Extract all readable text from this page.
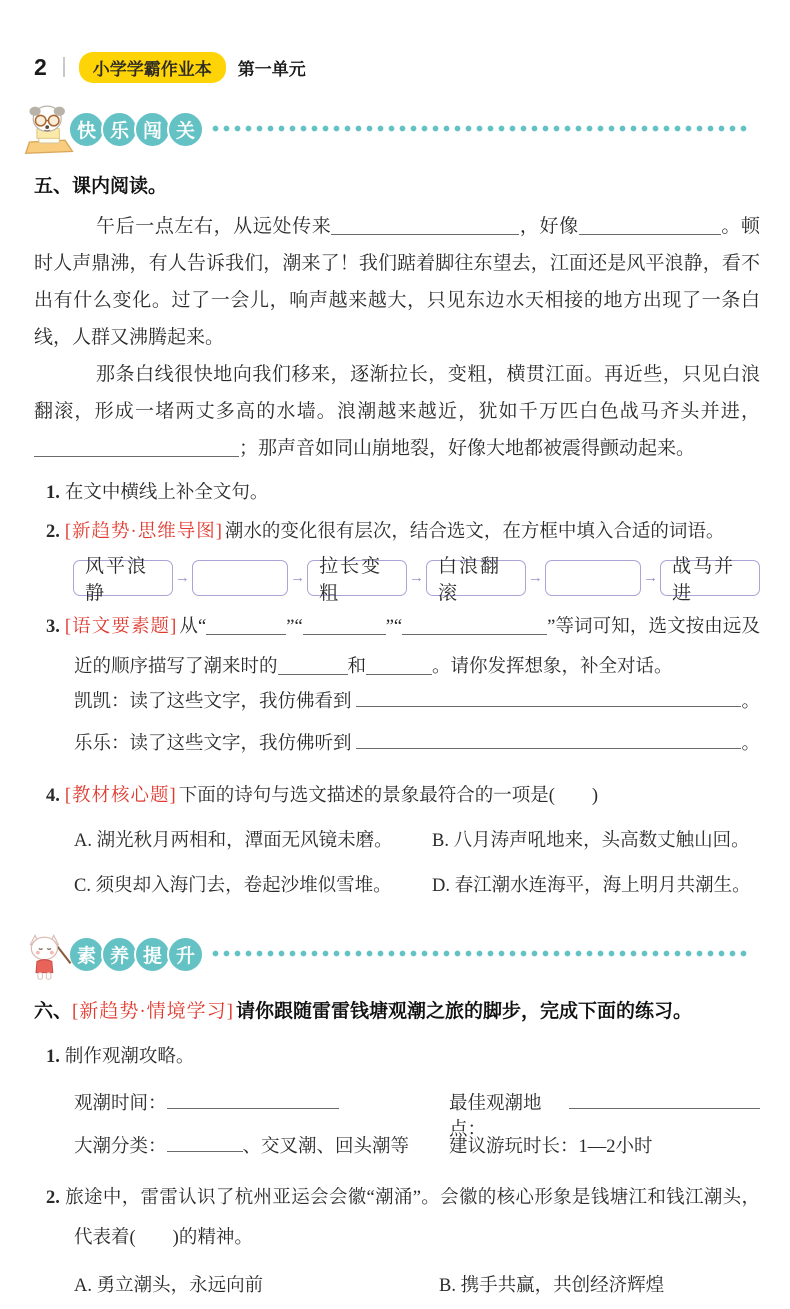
2	小学学霸作业本	第一单元
快 乐 闯 关
五、课内阅读。

午后一点左右，从远处传来	，好像	。顿时人声鼎沸，有人告诉我们，潮来了！我们踮着脚往东望去，江面还是风平浪静，看不出有什么变化。过了一会儿，响声越来越大，只见东边水天相接的地方出现了一条白线，人群又沸腾起来。

那条白线很快地向我们移来，逐渐拉长，变粗，横贯江面。再近些，只见白浪翻滚，形成一堵两丈多高的水墙。浪潮越来越近，犹如千万匹白色战马齐头并进，；那声音如同山崩地裂，好像大地都被震得颤动起来。

1. 在文中横线上补全文句。
2. [新趋势·思维导图] 潮水的变化很有层次，结合选文，在方框中填入合适的词语。
风平浪静
→	→
拉长变粗
→
白浪翻滚
→	→
战马并进
3. [语文要素题] 从“	”“	”“	”等词可知，选文按由远及近的顺序描写了潮来时的	和	。请你发挥想象，补全对话。
凯凯：读了这些文字，我仿佛看到	。
乐乐：读了这些文字，我仿佛听到	。
4. [教材核心题] 下面的诗句与选文描述的景象最符合的一项是(　　)
A. 湖光秋月两相和，潭面无风镜未磨。	B. 八月涛声吼地来，头高数丈触山回。
C. 须臾却入海门去，卷起沙堆似雪堆。	D. 春江潮水连海平，海上明月共潮生。
素 养 提 升
六、[新趋势·情境学习] 请你跟随雷雷钱塘观潮之旅的脚步，完成下面的练习。
1. 制作观潮攻略。
观潮时间：	最佳观潮地点：
大潮分类：	、交叉潮、回头潮等 建议游玩时长：1—2小时
2. 旅途中，雷雷认识了杭州亚运会会徽“潮涌”。会徽的核心形象是钱塘江和钱江潮头，代表着(　　)的精神。
A. 勇立潮头，永远向前	B. 携手共赢，共创经济辉煌
